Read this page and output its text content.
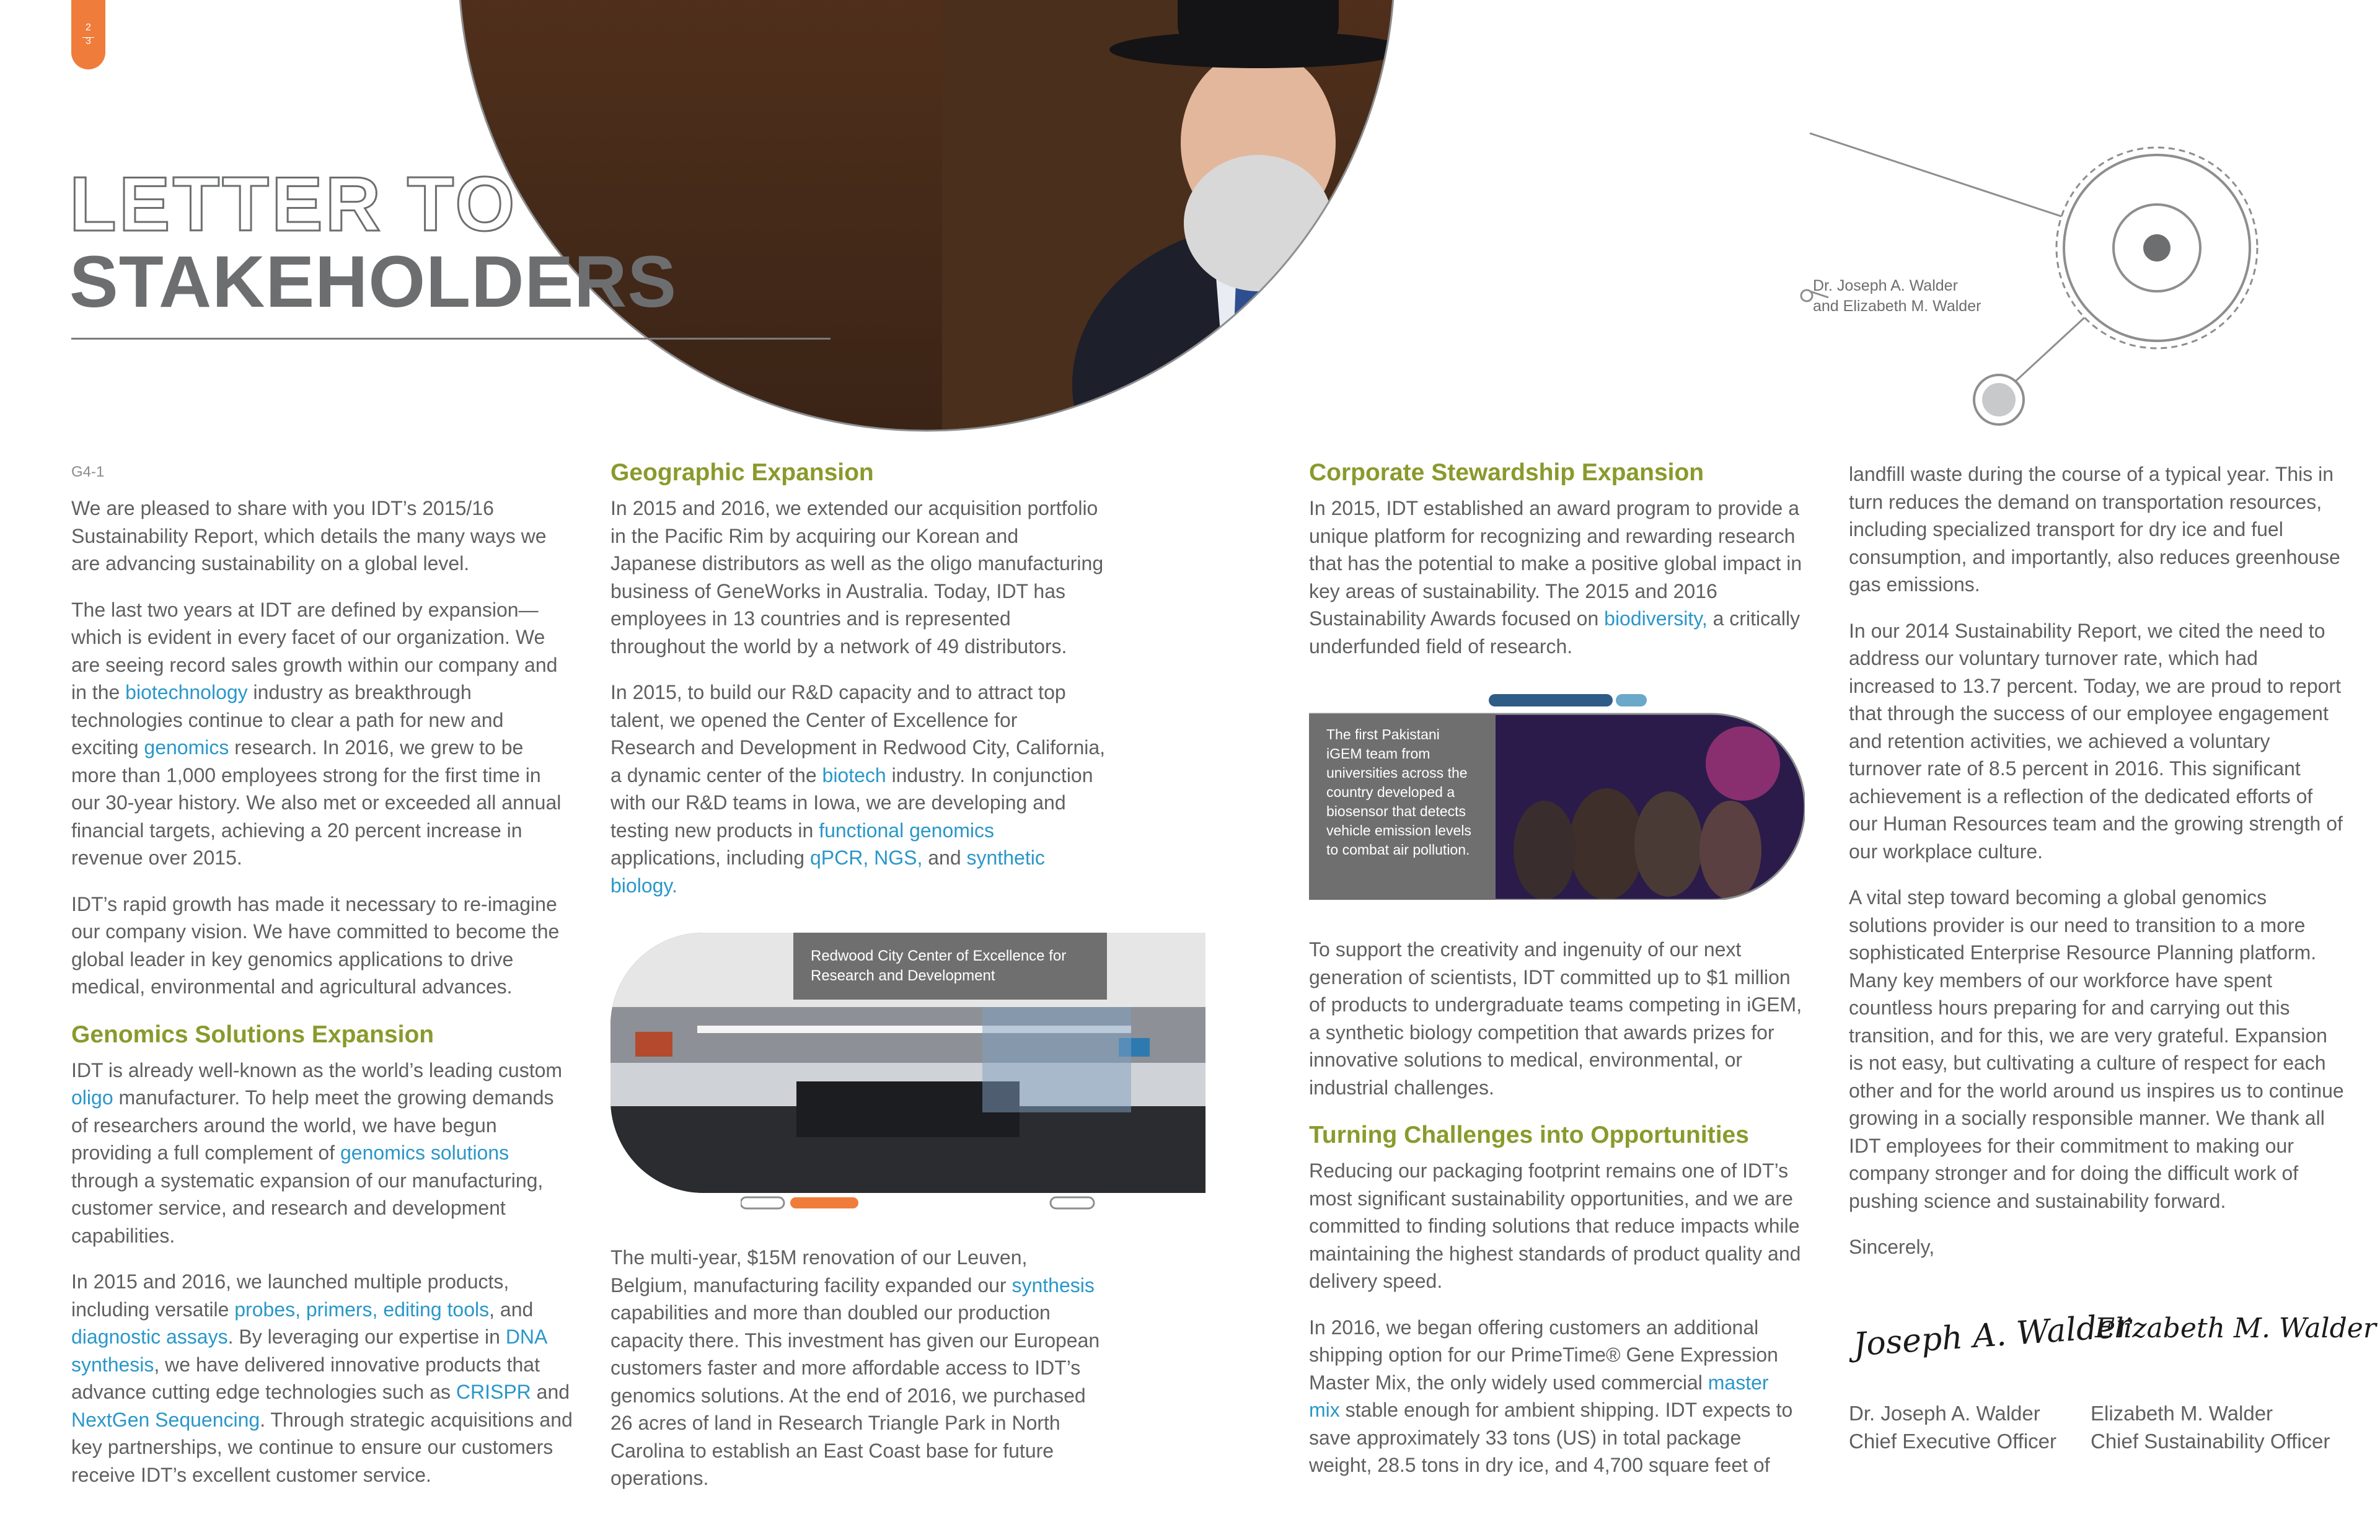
2
3
Dr. Joseph A. Walder
and Elizabeth M. Walder
LETTER TO
STAKEHOLDERS
G4-1

We are pleased to share with you IDT’s 2015/16 Sustainability Report, which details the many ways we are advancing sustainability on a global level.

The last two years at IDT are defined by expansion—which is evident in every facet of our organization. We are seeing record sales growth within our company and in the biotechnology industry as breakthrough technologies continue to clear a path for new and exciting genomics research. In 2016, we grew to be more than 1,000 employees strong for the first time in our 30-year history. We also met or exceeded all annual financial targets, achieving a 20 percent increase in revenue over 2015.

IDT’s rapid growth has made it necessary to re-imagine our company vision. We have committed to become the global leader in key genomics applications to drive medical, environmental and agricultural advances.

Genomics Solutions Expansion

IDT is already well-known as the world’s leading custom oligo manufacturer. To help meet the growing demands of researchers around the world, we have begun providing a full complement of genomics solutions through a systematic expansion of our manufacturing, customer service, and research and development capabilities.

In 2015 and 2016, we launched multiple products, including versatile probes, primers, editing tools, and diagnostic assays. By leveraging our expertise in DNA synthesis, we have delivered innovative products that advance cutting edge technologies such as CRISPR and NextGen Sequencing. Through strategic acquisitions and key partnerships, we continue to ensure our customers receive IDT’s excellent customer service.

Geographic Expansion

In 2015 and 2016, we extended our acquisition portfolio in the Pacific Rim by acquiring our Korean and Japanese distributors as well as the oligo manufacturing business of GeneWorks in Australia. Today, IDT has employees in 13 countries and is represented throughout the world by a network of 49 distributors.

In 2015, to build our R&D capacity and to attract top talent, we opened the Center of Excellence for Research and Development in Redwood City, California, a dynamic center of the biotech industry. In conjunction with our R&D teams in Iowa, we are developing and testing new products in functional genomics applications, including qPCR, NGS, and synthetic biology.

Redwood City Center of Excellence for Research and Development

The multi-year, $15M renovation of our Leuven, Belgium, manufacturing facility expanded our synthesis capabilities and more than doubled our production capacity there. This investment has given our European customers faster and more affordable access to IDT’s genomics solutions. At the end of 2016, we purchased 26 acres of land in Research Triangle Park in North Carolina to establish an East Coast base for future operations.

Corporate Stewardship Expansion

In 2015, IDT established an award program to provide a unique platform for recognizing and rewarding research that has the potential to make a positive global impact in key areas of sustainability. The 2015 and 2016 Sustainability Awards focused on biodiversity, a critically underfunded field of research.

The first Pakistani iGEM team from universities across the country developed a biosensor that detects vehicle emission levels to combat air pollution.

To support the creativity and ingenuity of our next generation of scientists, IDT committed up to $1 million of products to undergraduate teams competing in iGEM, a synthetic biology competition that awards prizes for innovative solutions to medical, environmental, or industrial challenges.

Turning Challenges into Opportunities

Reducing our packaging footprint remains one of IDT’s most significant sustainability opportunities, and we are committed to finding solutions that reduce impacts while maintaining the highest standards of product quality and delivery speed.

In 2016, we began offering customers an additional shipping option for our PrimeTime® Gene Expression Master Mix, the only widely used commercial master mix stable enough for ambient shipping. IDT expects to save approximately 33 tons (US) in total package weight, 28.5 tons in dry ice, and 4,700 square feet of

landfill waste during the course of a typical year. This in turn reduces the demand on transportation resources, including specialized transport for dry ice and fuel consumption, and importantly, also reduces greenhouse gas emissions.

In our 2014 Sustainability Report, we cited the need to address our voluntary turnover rate, which had increased to 13.7 percent. Today, we are proud to report that through the success of our employee engagement and retention activities, we achieved a voluntary turnover rate of 8.5 percent in 2016. This significant achievement is a reflection of the dedicated efforts of our Human Resources team and the growing strength of our workplace culture.

A vital step toward becoming a global genomics solutions provider is our need to transition to a more sophisticated Enterprise Resource Planning platform. Many key members of our workforce have spent countless hours preparing for and carrying out this transition, and for this, we are very grateful. Expansion is not easy, but cultivating a culture of respect for each other and for the world around us inspires us to continue growing in a socially responsible manner. We thank all IDT employees for their commitment to making our company stronger and for doing the difficult work of pushing science and sustainability forward.

Sincerely,

Joseph A. Walder
Elizabeth M. Walder
Dr. Joseph A. Walder
Chief Executive Officer
Elizabeth M. Walder
Chief Sustainability Officer
